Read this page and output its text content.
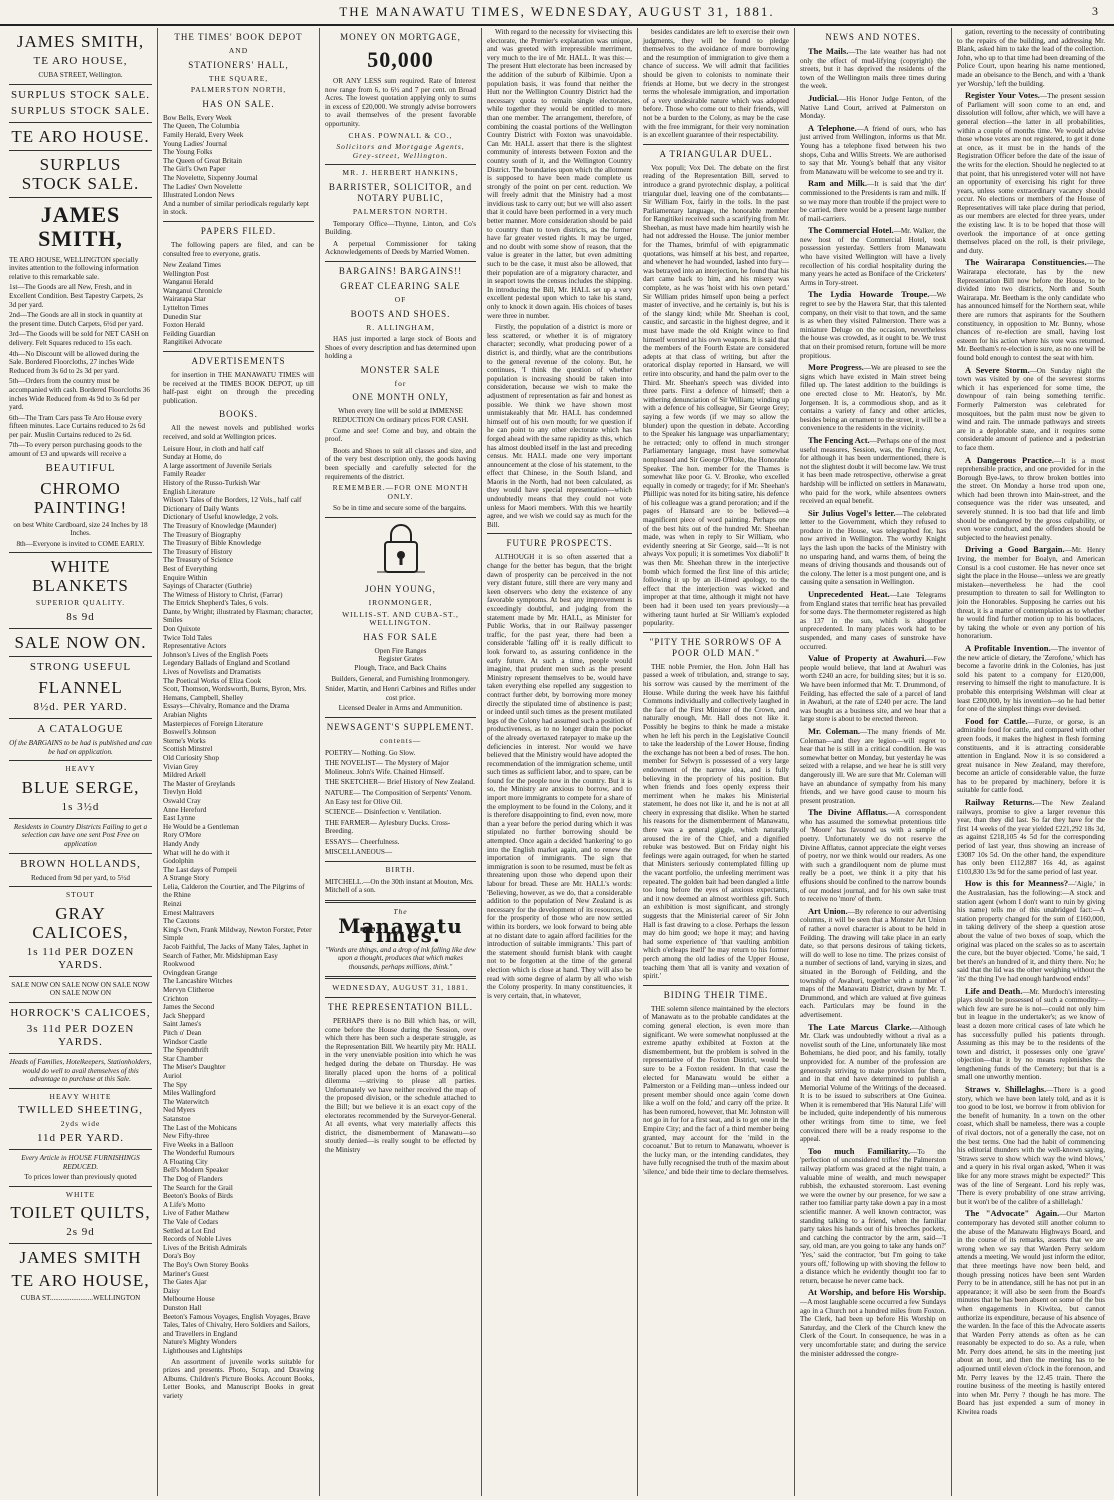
THE MANAWATU TIMES, WEDNESDAY, AUGUST 31, 1881.	3
JAMES SMITH,
TE ARO HOUSE,
CUBA STREET, Wellington.
SURPLUS STOCK SALE.
SURPLUS STOCK SALE.
TE ARO HOUSE.
SURPLUS STOCK SALE.
JAMES SMITH,
TE ARO HOUSE, WELLINGTON specially invites attention to the following information relative to this remarkable sale.
1st—The Goods are all New, Fresh, and in Excellent Condition. Best Tapestry Carpets, 2s 3d per yard.
2nd—The Goods are all in stock in quantity at the present time. Dutch Carpets, 6½d per yard.
3rd—The Goods will be sold for NET CASH on delivery. Felt Squares reduced to 15s each.
4th—No Discount will be allowed during the Sale. Bordered Floorcloths, 27 inches Wide Reduced from 3s 6d to 2s 3d per yard.
5th—Orders from the country must be accompanied with cash. Bordered Floorcloths 36 inches Wide Reduced from 4s 9d to 3s 6d per yard.
6th—The Tram Cars pass Te Aro House every fifteen minutes. Lace Curtains reduced to 2s 6d per pair. Muslin Curtains reduced to 2s 6d.
7th—To every person purchasing goods to the amount of £3 and upwards will receive a
BEAUTIFUL
CHROMO PAINTING!
on best White Cardboard, size 24 Inches by 18 Inches.
8th—Everyone is invited to COME EARLY.
WHITE BLANKETS
SUPERIOR QUALITY.
8s 9d
SALE NOW ON.
STRONG USEFUL
FLANNEL
8½d. PER YARD.
A CATALOGUE
Of the BARGAINS to be had is published and can be had on application.
HEAVY
BLUE SERGE,
1s 3½d
Residents in Country Districts Failing to get a selection can have one sent Post Free on application
BROWN HOLLANDS,
Reduced from 9d per yard, to 5½d
STOUT
GRAY CALICOES,
1s 11d PER DOZEN YARDS.
SALE NOW ON SALE NOW ON SALE NOW ON SALE NOW ON
HORROCK'S CALICOES,
3s 11d PER DOZEN YARDS.
Heads of Families, Hotelkeepers, Stationholders, would do well to avail themselves of this advantage to purchase at this Sale.
HEAVY WHITE
TWILLED SHEETING,
2yds wide
11d PER YARD.
Every Article in HOUSE FURNISHINGS REDUCED.
To prices lower than previously quoted
WHITE
TOILET QUILTS,
2s 9d
JAMES SMITH
TE ARO HOUSE,
CUBA ST........................WELLINGTON
THE TIMES' BOOK DEPOT
AND
STATIONERS' HALL,
THE SQUARE,
PALMERSTON NORTH,
HAS ON SALE.
Bow Bells, Every Week
The Queen, The Columbia
Family Herald, Every Week
Young Ladies' Journal
The Young Folks
The Queen of Great Britain
The Girl's Own Paper
The Novelette, Sixpenny Journal
The Ladies' Own Novelette
Illustrated London News
And a number of similar periodicals regularly kept in stock.
PAPERS FILED.
The following papers are filed, and can be consulted free to everyone, gratis.
New Zealand Times
Wellington Post
Wanganui Herald
Wanganui Chronicle
Wairarapa Star
Lyttelton Times
Dunedin Star
Foxton Herald
Feilding Guardian
Rangitikei Advocate
ADVERTISEMENTS
for insertion in THE MANAWATU TIMES will be received at the TIMES BOOK DEPOT, up till half-past eight on through the preceding publication.
BOOKS.
All the newest novels and published works received, and sold at Wellington prices.
Leisure Hour, in cloth and half calf
Sunday at Home, do
A large assortment of Juvenile Serials
Family Reader
History of the Russo-Turkish War
English Literature
Wilson's Tales of the Borders, 12 Vols., half calf
Dictionary of Daily Wants
Dictionary of Useful knowledge, 2 vols.
The Treasury of Knowledge (Maunder)
The Treasury of Biography
The Treasury of Bible Knowledge
The Treasury of History
The Treasury of Science
Best of Everything
Enquire Within
Sayings of Character (Guthrie)
The Witness of History to Christ, (Farrar)
The Ettrick Shepherd's Tales, 6 vols.
Dante, by Wright; illustrated by Flaxman; character, Smiles
Don Quixote
Twice Told Tales
Representative Actors
Johnson's Lives of the English Poets
Legendary Ballads of England and Scotland
Lives of Novelists and Dramatists
The Poetical Works of Eliza Cook
Scott, Thomson, Wordsworth, Burns, Byron, Mrs. Hemans, Campbell, Shelley
Essays—Chivalry, Romance and the Drama
Arabian Nights
Masterpieces of Foreign Literature
Boswell's Johnson
Sterne's Works
Scottish Minstrel
Old Curiosity Shop
Vivian Grey
Mildred Arkell
The Master of Greylands
Trevlyn Hold
Oswald Cray
Anne Hereford
East Lynne
He Would be a Gentleman
Rory O'More
Handy Andy
What will he do with it
Godolphin
The Last days of Pompeii
A Strange Story
Lelia, Calderon the Courtier, and The Pilgrims of the Rhine
Reinzi
Ernest Maltravers
The Caxtons
King's Own, Frank Mildway, Newton Forster, Peter Simple
Jacob Faithful, The Jacks of Many Tales, Japhet in Search of Father, Mr. Midshipman Easy
Rookwood
Ovingdean Grange
The Lancashire Witches
Mervyn Clitheroe
Crichton
James the Second
Jack Sheppard
Saint James's
Pitch o' Dean
Windsor Castle
The Spendthrift
Star Chamber
The Miser's Daughter
Auriol
The Spy
Miles Wallingford
The Waterwitch
Ned Myers
Satanstoe
The Last of the Mohicans
New Fifty-three
Five Weeks in a Balloon
The Wonderful Rumours
A Floating City
Bell's Modern Speaker
The Dog of Flanders
The Search for the Grail
Beeton's Books of Birds
A Life's Motto
Live of Father Mathew
The Vale of Cedars
Settled at Lot End
Records of Noble Lives
Lives of the British Admirals
Dora's Boy
The Boy's Own Storey Books
Mariner's Guest
The Gates Ajar
Daisy
Melbourne House
Dunston Hall
Beeton's Famous Voyages, English Voyages, Brave Tales, Tales of Chivalry, Hero Soldiers and Sailors, and Travellers in England
Nature's Mighty Wonders
Lighthouses and Lightships
An assortment of juvenile works suitable for prizes and presents. Photo, Scrap, and Drawing Albums. Children's Picture Books. Account Books, Letter Books, and Manuscript Books in great variety
MONEY ON MORTGAGE,
50,000
OR ANY LESS sum required. Rate of Interest now range from 6, to 6½ and 7 per cent. on Broad Acres. The lowest quotation applying only to sums in excess of £20,000. We strongly advise borrowers to avail themselves of the present favorable opportunity.
CHAS. POWNALL & CO.,
Solicitors and Mortgage Agents, Grey-street, Wellington.
MR. J. HERBERT HANKINS,
BARRISTER, SOLICITOR, and NOTARY PUBLIC,
PALMERSTON NORTH.
Temporary Office—Thynne, Linton, and Co's Building.
A perpetual Commissioner for taking Acknowledgements of Deeds by Married Women.
BARGAINS! BARGAINS!!
GREAT CLEARING SALE
OF
BOOTS AND SHOES.
R. ALLINGHAM,
HAS just imported a large stock of Boots and Shoes of every description and has determined upon holding a
MONSTER SALE
for
ONE MONTH ONLY,
When every line will be sold at IMMENSE REDUCTION On ordinary prices FOR CASH.
Come and see! Come and buy, and obtain the proof.
Boots and Shoes to suit all classes and size, and of the very best description only, the goods having been specially and carefully selected for the requirements of the district.
REMEMBER.—FOR ONE MONTH ONLY.
So be in time and secure some of the bargains.
JOHN YOUNG,
IRONMONGER,
WILLIS-ST. AND CUBA-ST., WELLINGTON.
HAS FOR SALE
Open Fire Ranges
Register Grates
Plough, Trace, and Back Chains
Builders, General, and Furnishing Ironmongery.
Snider, Martin, and Henri Carbines and Rifles under cost price.
Licensed Dealer in Arms and Ammunition.
NEWSAGENT'S SUPPLEMENT.
contents—
POETRY— Nothing. Go Slow.
THE NOVELIST— The Mystery of Major Molineux. John's Wife. Chained Himself.
THE SKETCHER— Brief History of New Zealand.
NATURE— The Composition of Serpents' Venom. An Easy test for Olive Oil.
SCIENCE— Disinfection v. Ventilation.
THE FARMER— Aylesbury Ducks. Cross-Breeding.
ESSAYS— Cheerfulness.
MISCELLANEOUS—
BIRTH.
MITCHELL.—On the 30th instant at Mouton, Mrs. Mitchell of a son.
The
Manawatu Times.
"Words are things, and a drop of ink falling like dew upon a thought, produces that which makes thousands, perhaps millions, think."
WEDNESDAY, AUGUST 31, 1881.
THE REPRESENTATION BILL.
PERHAPS there is no Bill which has, or will, come before the House during the Session, over which there has been such a desperate struggle, as the Representation Bill. We heartily pity Mr. HALL in the very unenviable position into which he was hedged during the debate on Thursday. He was literally placed upon the horns of a political dilemma —striving to please all parties. Unfortunately we have neither received the map of the proposed division, or the schedule attached to the Bill; but we believe it is an exact copy of the electorates recommended by the Surveyor-General. At all events, what very materially affects this district, the dismemberment of Manawatu—so stoutly denied—is really sought to be effected by the Ministry
With regard to the necessity for vivisecting this electorate, the Premier's explanation was unique, and was greeted with irrepressible merriment, very much to the ire of Mr. HALL. It was this:— The present Hutt electorate has been increased by the addition of the suburb of Kilbirnie. Upon a population basis, it was found that neither the Hutt nor the Wellington Country District had the necessary quota to remain single electorates, while together they would be entitled to more than one member. The arrangement, therefore, of combining the coastal portions of the Wellington Country District with Foxton was unavoidable. Can Mr. HALL assert that there is the slightest community of interests between Foxton and the country south of it, and the Wellington Country District. The boundaries upon which the allotment is supposed to have been made complete us strongly of the point on per cent. reduction. We will freely admit that the Ministry had a most invidious task to carry out; but we will also assert that it could have been performed in a very much better manner. More consideration should be paid to country than to town districts, as the former have far greater vested rights. It may be urged, and no doubt with some show of reason, that the value is greater in the latter, but even admitting such to be the case, it must also be allowed, that their population are of a migratory character, and in seaport towns the census includes the shipping. In introducing the Bill, Mr. HALL set up a very excellent pedestal upon which to take his stand, only to knock it down again. His choices of bases were three in number.
Firstly, the population of a district is more or less scattered, or whether it is of migratory character; secondly, what producing power of a district is, and thirdly, what are the contributions to the general revenue of the colony. But, he continues, 'I think the question of whether population is increasing should be taken into consideration, because we wish to make the adjustment of representation as fair and honest as possible. We think we have shown most unmistakeably that Mr. HALL has condemned himself out of his own mouth; for we question if he can point to any other electorate which has forged ahead with the same rapidity as this, which has almost doubled itself in the last and preceding census. Mr. HALL made one very important announcement at the close of his statement, to the effect that Chinese, in the South Island, and Maoris in the North, had not been calculated, as they would have special representation—which undoubtedly means that they could not vote unless for Maori members. With this we heartily agree, and we wish we could say as much for the Bill.
FUTURE PROSPECTS.
ALTHOUGH it is so often asserted that a change for the better has begun, that the bright dawn of prosperity can be perceived in the not very distant future, still there are very many and keen observers who deny the existence of any favorable symptoms. At best any improvement is exceedingly doubtful, and judging from the statement made by Mr. HALL, as Minister for Public Works, that in our Railway passenger traffic, for the past year, there had been a considerable 'falling off' it is really difficult to look forward to, as assuring confidence in the early future. At such a time, people would imagine, that prudent men such as the present Ministry represent themselves to be, would have taken everything else repelled any suggestion to contract further debt, by borrowing more money directly the stipulated time of abstinence is past; or indeed until such times as the present mutilated legs of the Colony had assumed such a position of productiveness, as to no longer drain the pocket of the already overtaxed ratepayer to make up the deficiencies in interest. Nor would we have believed that the Ministry would have adopted the recommendation of the immigration scheme, until such times as sufficient labor, and to spare, can be found for the people now in the country. But it is so, the Ministry are anxious to borrow, and to import more immigrants to compete for a share of the employment to be found in the Colony, and it is therefore disappointing to find, even now, more than a year before the period during which it was stipulated no further borrowing should be attempted. Once again a decided 'hankering' to go into the English market again, and to renew the importation of immigrants. The sign that immigration is soon to be resumed, must be felt as threatening upon those who depend upon their labour for bread. These are Mr. HALL's words: 'Believing, however, as we do, that a considerable addition to the population of New Zealand is as necessary for the development of its resources, as for the prosperity of those who are now settled within its borders, we look forward to being able at no distant date to again afford facilities for the introduction of suitable immigrants.' This part of the statement should furnish blank with caught not to be forgotten at the time of the general election which is close at hand. They will also be read with some degree of alarm by all who wish the Colony prosperity. In many constituencies, it is very certain, that, in whatever,
besides candidates are left to exercise their own judgments, they will be found to pledge themselves to the avoidance of more borrowing and the resumption of immigration to give them a chance of success. We will admit that facilities should be given to colonists to nominate their friends at Home, but we decry in the strongest terms the wholesale immigration, and importation of a very undesirable nature which was adopted before. Those who come out to their friends, will not be a burden to the Colony, as may be the case with the free immigrant, for their very nomination is an excellent guarantee of their respectability.
A TRIANGULAR DUEL.
Vox populi; Vox Dei. The debate on the first reading of the Representation Bill, served to introduce a grand pyrotechnic display, a political triangular duel, leaving one of the combatants—Sir William Fox, fairly in the toils. In the past Parliamentary language, the honorable member for Rangitikei received such a scarifying from Mr. Sheehan, as must have made him heartily wish he had not addressed the House. The junior member for the Thames, brimful of with epigrammatic quotations, was himself at his best, and repartee, and whenever he had wounded, lashed into fury—was betrayed into an interjection, he found that his dart came back to him, and his misery was complete, as he was 'hoist with his own petard.' Sir William prides himself upon being a perfect master of invective, and he certainly is, but his is of the slangy kind; while Mr. Sheehan is cool, caustic, and sarcastic in the highest degree, and it must have made the old Knight wince to find himself worsted at his own weapons. It is said that the members of the Fourth Estate are considered adepts at that class of writing, but after the oratorical display reported in Hansard, we will retire into obscurity, and hand the palm over to the Third. Mr. Sheehan's speech was divided into three parts. First a defence of himself; then a withering denunciation of Sir William; winding up with a defence of his colleague, Sir George Grey; saying a few words (if we may so allow the blunder) upon the question in debate. According to the Speaker his language was unparliamentary; he retracted; only to offend in much stronger Parliamentary language, must have somewhat nonplussed and Sir George O'Roke, the Honorable Speaker. The hon. member for the Thames is somewhat like poor G. V. Brooke, who excelled equally in comedy or tragedy; for if Mr. Sheehan's Phillipic was noted for its biting satire, his defence of his colleague was a grand peroration; and if the pages of Hansard are to be believed—a magnificent piece of word painting. Perhaps one of the best hits out of the hundred Mr. Sheehan made, was when in reply to Sir William, who evidently sneering at Sir George, said—'It is not always Vox populi; it is sometimes Vox diaboli!' It was then Mr. Sheehan threw in the interjective bomb which formed the first line of this article; following it up by an ill-timed apology, to the effect that the interjection was wicked and improper at that time, although it might not have been had it been used ten years previously—a withering taunt hurled at Sir William's exploded popularity.
"PITY THE SORROWS OF A POOR OLD MAN."
THE noble Premier, the Hon. John Hall has passed a week of tribulation, and, strange to say, his sorrow was caused by the merriment of the House. While during the week have his faithful Commons individually and collectively laughed in the face of the First Minister of the Crown, and naturally enough, Mr. Hall does not like it. Possibly he begins to think he made a mistake when he left his perch in the Legislative Council to take the leadership of the Lower House, finding the exchange has not been a bed of roses. The hon. member for Selwyn is possessed of a very large endowment of the narrow idea, and is fully believing in the propriety of his position. But when friends and foes openly express their merriment when he makes his Ministerial statement, he does not like it, and he is not at all cheery in expressing that dislike. When he started his reasons for the dismemberment of Manawatu, there was a general giggle, which naturally aroused the ire of the Chief, and a dignified rebuke was bestowed. But on Friday night his feelings were again outraged, for when he started that Ministers seriously contemplated filling up the vacant portfolio, the unfeeling merriment was repeated. The golden bait had been dangled a little too long before the eyes of anxious expectants, and it now deemed an almost worthless gift. Such an exhibition is most significant, and strongly suggests that the Ministerial career of Sir John Hall is fast drawing to a close. Perhaps the lesson may do him good; we hope it may; and having had some experience of 'that vaulting ambition which o'erleaps itself' he may return to his former perch among the old ladies of the Upper House, teaching them 'that all is vanity and vexation of spirit.'
BIDING THEIR TIME.
THE solemn silence maintained by the electors of Manawatu as to the probable candidates at the coming general election, is even more than significant. We were somewhat nonplussed at the extreme apathy exhibited at Foxton at the dismemberment, but the problem is solved in the representative of the Foxton District, would be sure to be a Foxton resident. In that case the elected for Manawatu would be either a Palmerston or a Feilding man—unless indeed our present member should once again 'come down like a wolf on the fold,' and carry off the prize. It has been rumored, however, that Mr. Johnston will not go in for for a first seat, and is to get one in the Empire City; and the fact of a third member being granted, may account for the 'mild in the cocoanut.' But to return to Manawatu, whoever is the lucky man, or the intending candidates, they have fully recognised the truth of the maxim about 'silence,' and bide their time to declare themselves.
NEWS AND NOTES.
The Mails.—The late weather has had not only the effect of mud-lifying (copyright) the streets, but it has deprived the residents of the town of the Wellington mails three times during the week.
Judicial.—His Honor Judge Fenton, of the Native Land Court, arrived at Palmerston on Monday.
A Telephone.—A friend of ours, who has just arrived from Wellington, informs us that Mr. Young has a telephone fixed between his two shops, Cuba and Willis Streets. We are authorised to say that Mr. Young's behalf that any visitor from Manawatu will be welcome to see and try it.
Ram and Milk.—It is said that 'the dirt' commissioned to the Presidents is ram and milk. If so we may more than trouble if the project were to be carried, there would be a present large number of mail-carriers.
The Commercial Hotel.—Mr. Walker, the new host of the Commercial Hotel, took possession yesterday. Settlers from Manawatu who have visited Wellington will have a lively recollection of his cordial hospitality during the many years he acted as Boniface of the Cricketers' Arms in Tory-street.
The Lydia Howarde Troupe.—We regret to see by the Hawera Star, that this talented company, on their visit to that town, and the same is as when they visited Palmerston. There was a miniature Deluge on the occasion, nevertheless the house was crowded, as it ought to be. We trust that on their promised return, fortune will be more propitious.
More Progress.—We are pleased to see the signs which have existed in Main street being filled up. The latest addition to the buildings is one erected close to Mr. Heaton's, by Mr. Jorgensen. It is, a commodious shop, and as it contains a variety of fancy and other articles, besides being an ornament to the street, it will be a convenience to the residents in the vicinity.
The Fencing Act.—Perhaps one of the most useful measures, Session, was, the Fencing Act, for although it has been undermentioned, there is not the slightest doubt it will become law. We trust it has been made retrospective, otherwise a great hardship will be inflicted on settlers in Manawatu, who paid for the work, while absentees owners received an equal benefit.
Sir Julius Vogel's letter.—The celebrated letter to the Government, which they refused to produce in the House, was telegraphed for, has now arrived in Wellington. The worthy Knight lays the lash upon the backs of the Ministry with no unsparing hand, and warns them, of being the means of driving thousands and thousands out of the colony. The letter is a most pungent one, and is causing quite a sensation in Wellington.
Unprecedented Heat.—Late Telegrams from England states that terrific heat has prevailed for some days. The thermometer registered as high as 137 in the sun, which is altogether unprecedented. In many places work had to be suspended, and many cases of sunstroke have occurred.
Value of Property at Awahuri.—Few people would believe, that land at Awahuri was worth £240 an acre, for building sites; but it is so. We have been informed that Mr. T. Drummond, of Feilding, has effected the sale of a parcel of land in Awahuri, at the rate of £240 per acre. The land was bought as a business site, and we hear that a large store is about to be erected thereon.
Mr. Coleman.—The many friends of Mr. Coleman—and they are legion—will regret to hear that he is still in a critical condition. He was somewhat better on Monday, but yesterday he was seized with a relapse, and we hear he is still very dangerously ill. We are sure that Mr. Coleman will have an abundance of sympathy from his many friends, and we have good cause to mourn his present prostration.
The Divine Afflatus.—A correspondent who has assumed the somewhat pretentious title of 'Moore' has favoured us with a sample of poetry. Unfortunately we do not reserve the Divine Afflatus, cannot appreciate the eight verses of poetry, nor we think would our readers. As one with such a grandiloquent nom de plume must really be a poet, we think it a pity that his effusions should be confined to the narrow bounds of our modest journal, and for his own sake trust to receive no 'more' of them.
Art Union.—By reference to our advertising columns, it will be seen that a Monster Art Union of rather a novel character is about to be held in Feilding. The drawing will take place in an early date, so that persons desirous of taking tickets, will do well to lose no time. The prizes consist of a number of sections of land, varying in sizes, and situated in the Borough of Feilding, and the township of Awahuri, together with a number of maps of the Manawatu District, drawn by Mr. T. Drummond, and which are valued at five guineas each. Particulars may be found in the advertisement.
The Late Marcus Clarke.—Although Mr. Clark was undoubtedly without a rival as a novelist south of the Line, unfortunately like most Bohemians, he died poor, and his family, totally unprovided for. A number of the profession are generously striving to make provision for them, and in that end have determined to publish a Memorial Volume of the Writings of the deceased. It is to be issued to subscribers at One Guinea. When it is remembered that 'His Natural Life' will be included, quite independently of his numerous other writings from time to time, we feel convinced there will be a ready response to the appeal.
Too much Familiarity.—To the 'perfection of unconsidered trifles' the Palmerston railway platform was graced at the night train, a valuable mine of wealth, and much newspaper rubbish, the exhausted storeroom. Last evening we were the owner by our presence, for we saw a rather too familiar party take down a pay in a most scientific manner. A well known contractor, was standing talking to a friend, when the familiar party takes his hands out of his breeches pockets, and catching the contractor by the arm, said—'I say, old man, are you going to take any hands on?' 'Yes,' said the contractor, 'but I'm going to take yours off,' following up with shoving the fellow to a distance which he evidently thought too far to return, because he never came back.
At Worship, and before His Worship.—A most laughable scene occurred a few Sundays ago in a Church not a hundred miles from Foxton. The Clerk, had been up before His Worship on Saturday, and the Clerk of the Church knew the Clerk of the Court. In consequence, he was in a very uncomfortable state; and during the service the minister addressed the congre-
gation, reverting to the necessity of contributing to the repairs of the building, and addressing Mr. Blank, asked him to take the lead of the collection. John, who up to that time had been dreaming of the Police Court, upon hearing his name mentioned, made an obeisance to the Bench, and with a 'thank yer Worship,' left the building.
Register Your Votes.—The present session of Parliament will soon come to an end, and dissolution will follow, after which, we will have a general election—the latter in all probabilities, within a couple of months time. We would advise those whose votes are not registered, to get it done at once, as it must be in the hands of the Registration Officer before the date of the issue of the writs for the election. Should he neglected to at that point, that his unregistered voter will not have an opportunity of exercising his right for three years, unless some extraordinary vacancy should occur. No elections or members of the House of Representatives will take place during that period, as our members are elected for three years, under the existing law. It is to be hoped that those will overlook the importance of at once getting themselves placed on the roll, is their privilege, and duty.
The Wairarapa Constituencies.—The Wairarapa electorate, has by the new Representation Bill now before the House, to be divided into two districts, North and South Wairarapa. Mr. Beetham is the only candidate who has announced himself for the Northern seat, while there are rumors that aspirants for the Southern constituency, in opposition to Mr. Bunny, whose chances of re-election are small, having lost esteem for his action where his vote was returned. Mr. Beetham's re-election is sure, as no one will be found bold enough to contest the seat with him.
A Severe Storm.—On Sunday night the town was visited by one of the severest storms which it has experienced for some time, the downpour of rain being something terrific. Formerly Palmerston was celebrated for mosquitoes, but the palm must now be given to wind and rain. The unmade pathways and streets are in a deplorable state, and it requires some considerable amount of patience and a pedestrian to face them.
A Dangerous Practice.—It is a most reprehensible practice, and one provided for in the Borough Bye-laws, to throw broken bottles into the street. On Monday a horse trod upon one, which had been thrown into Main-street, and the consequence was the rider was unseated, and severely stunned. It is too bad that life and limb should be endangered by the gross culpability, or even worse conduct, and the offenders should be subjected to the heaviest penalty.
Driving a Good Bargain.—Mr. Henry Irving, the member for Boalyn, and American Consul is a cool customer. He has never once set sight the place in the House—unless we are greatly mistaken—nevertheless he had the cool presumption to threaten to sail for Wellington to join the Honorables. Supposing he carries out his threat, it is a matter of contemplation as to whether he would find further motion up to his bootlaces, by taking the whole or even any portion of his honorarium.
A Profitable Invention.—The inventor of the new article of dietary, the 'Zerofone,' which has become a favorite drink in the Colonies, has just sold his patent to a company for £120,000, reserving to himself the right to manufacture. It is probable this enterprising Welshman will clear at least £200,000, by his invention—so he had better for one of the simplest things ever devised.
Food for Cattle.—Furze, or gorse, is an admirable food for cattle, and compared with other green foods, it makes the highest in flesh forming constituents, and it is attracting considerable attention in England. Now it is so considered a great nuisance in New Zealand, may therefore, become an article of considerable value, the furze has to be prepared by machinery, before it is suitable for cattle food.
Railway Returns.—The New Zealand railways, promise to give a larger revenue this year, than they did last. So far they have for the first 14 weeks of the year yielded £221,292 18s 3d, as against £218,105 4s 5d for the corresponding period of last year, thus showing an increase of £3087 10s 5d. On the other hand, the expenditure has only been £112,887 16s 4d, as against £103,830 13s 9d for the same period of last year.
How is this for Meanness?—'Aigle,' in the Australasian, has the following:—A stock and station agent (whom I don't want to ruin by giving his name) tells me of this unabridged fact:—A station property changed for the sum of £160,000, in taking delivery of the sheep a question arose about the value of two boxes of soap, which the original was placed on the scales so as to ascertain the cure, but the buyer objected. 'Come,' he said, 'I bet there's an hundred of it, and thirty there. No; he said that the lid was the other weighing without the 'its' the thing I've had enough hardwood ends!'
Life and Death.—Mr. Murdoch's interesting plays should be possessed of such a commodity—which few are sure he is not—could not only him but in league in the undertaker's; as we know of least a dozen more critical cases of late which he has successfully pulled his patients through. Assuming as this may be to the residents of the town and district, it possesses only one 'grave' objection—that it by no means replenishes the lengthening funds of the Cemetery; but that is a small one unworthy mention.
Straws v. Shillelaghs.—There is a good story, which we have been lately told, and as it is too good to be lost, we borrow it from oblivion for the benefit of humanity. In a town on the other coast, which shall be nameless, there was a couple of rival doctors, not of a generally the case, not on the best terms. One had the habit of commencing his editorial thunders with the well-known saying, 'Straws serve to show which way the wind blows,' and a query in his rival organ asked, 'When it was like for any more straws might be expected?' This was of the line of Sergeant. Lord his reply was, 'There is every probability of one straw arriving, but it won't be of the calibre of a shillelagh.'
The "Advocate" Again.—Our Marton contemporary has devoted still another column to the abuse of the Manawatu Highways Board, and in the course of its remarks, asserts that we are wrong when we say that Warden Perry seldom attends a meeting. We would just inform the editor, that three meetings have now been held, and though pressing notices have been sent Warden Perry to be in attendance, still he has not put in an appearance; it will also be seen from the Board's minutes that he has been absent on some of the bus when engagements in Kiwitea, but cannot authorize its expenditure, because of his absence of the warden. In the face of this the Advocate asserts that Warden Perry attends as often as he can reasonably be expected to do so. As a rule, when Mr. Perry does attend, he sits in the meeting just about an hour, and then the meeting has to be adjourned until eleven o'clock in the forenoon, and Mr. Perry leaves by the 12.45 train. There the routine business of the meeting is hastily entered into when Mr. Perry ? though he has more. The Board has just expended a sum of money in Kiwitea roads
